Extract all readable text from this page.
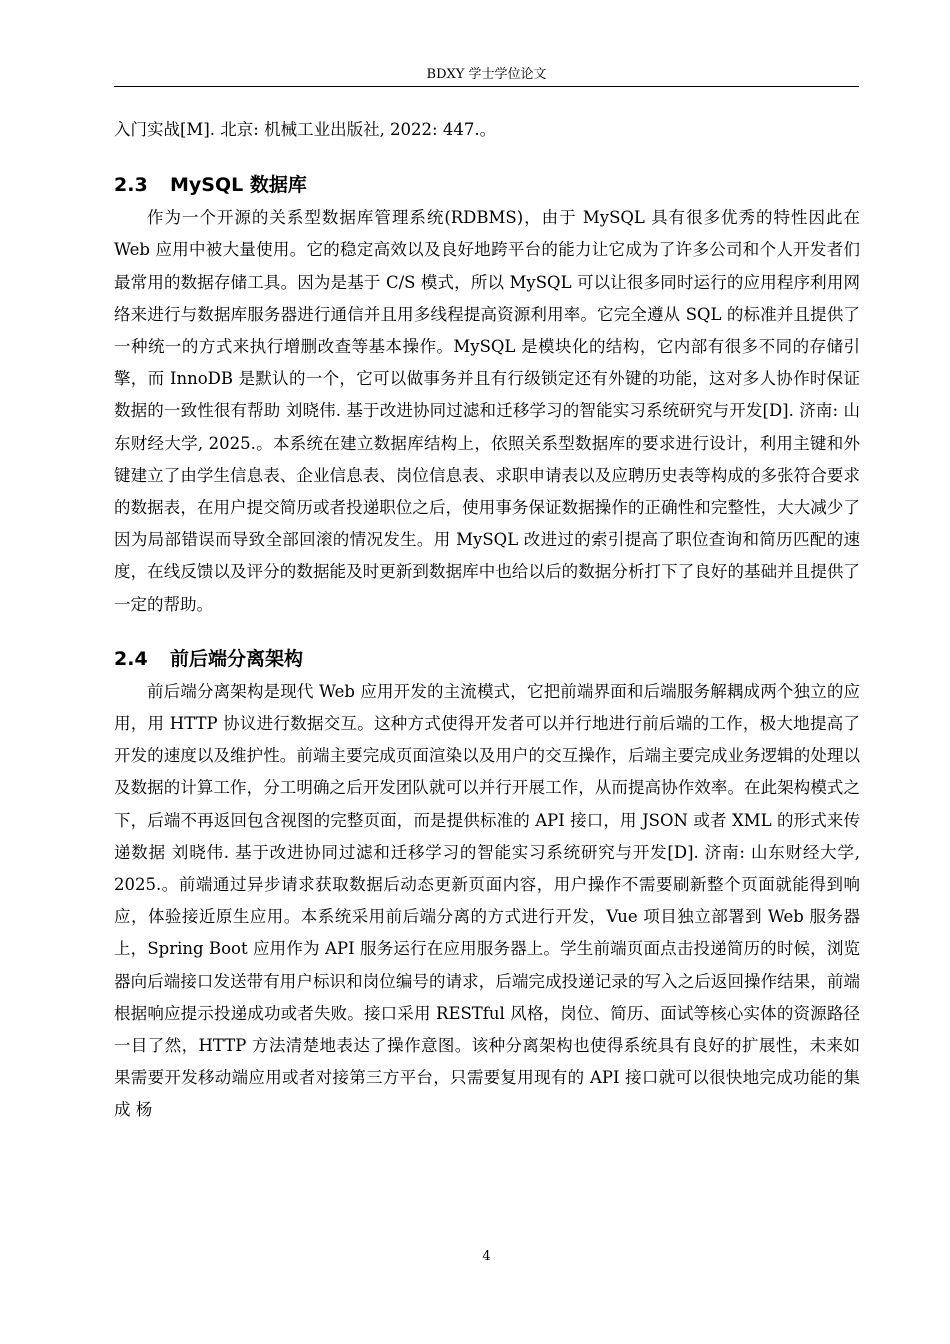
BDXY 学士学位论文

入门实战[M]. 北京: 机械工业出版社, 2022: 447.。

2.3 MySQL 数据库

作为一个开源的关系型数据库管理系统(RDBMS)，由于 MySQL 具有很多优秀的特性因此在 Web 应用中被大量使用。它的稳定高效以及良好地跨平台的能力让它成为了许多公司和个人开发者们最常用的数据存储工具。因为是基于 C/S 模式，所以 MySQL 可以让很多同时运行的应用程序利用网络来进行与数据库服务器进行通信并且用多线程提高资源利用率。它完全遵从 SQL 的标准并且提供了一种统一的方式来执行增删改查等基本操作。MySQL 是模块化的结构，它内部有很多不同的存储引擎，而 InnoDB 是默认的一个，它可以做事务并且有行级锁定还有外键的功能，这对多人协作时保证数据的一致性很有帮助 刘晓伟. 基于改进协同过滤和迁移学习的智能实习系统研究与开发[D]. 济南: 山东财经大学, 2025.。本系统在建立数据库结构上，依照关系型数据库的要求进行设计，利用主键和外键建立了由学生信息表、企业信息表、岗位信息表、求职申请表以及应聘历史表等构成的多张符合要求的数据表，在用户提交简历或者投递职位之后，使用事务保证数据操作的正确性和完整性，大大减少了因为局部错误而导致全部回滚的情况发生。用 MySQL 改进过的索引提高了职位查询和简历匹配的速度，在线反馈以及评分的数据能及时更新到数据库中也给以后的数据分析打下了良好的基础并且提供了一定的帮助。

2.4 前后端分离架构

前后端分离架构是现代 Web 应用开发的主流模式，它把前端界面和后端服务解耦成两个独立的应用，用 HTTP 协议进行数据交互。这种方式使得开发者可以并行地进行前后端的工作，极大地提高了开发的速度以及维护性。前端主要完成页面渲染以及用户的交互操作，后端主要完成业务逻辑的处理以及数据的计算工作，分工明确之后开发团队就可以并行开展工作，从而提高协作效率。在此架构模式之下，后端不再返回包含视图的完整页面，而是提供标准的 API 接口，用 JSON 或者 XML 的形式来传递数据 刘晓伟. 基于改进协同过滤和迁移学习的智能实习系统研究与开发[D]. 济南: 山东财经大学, 2025.。前端通过异步请求获取数据后动态更新页面内容，用户操作不需要刷新整个页面就能得到响应，体验接近原生应用。本系统采用前后端分离的方式进行开发，Vue 项目独立部署到 Web 服务器上，Spring Boot 应用作为 API 服务运行在应用服务器上。学生前端页面点击投递简历的时候，浏览器向后端接口发送带有用户标识和岗位编号的请求，后端完成投递记录的写入之后返回操作结果，前端根据响应提示投递成功或者失败。接口采用 RESTful 风格，岗位、简历、面试等核心实体的资源路径一目了然，HTTP 方法清楚地表达了操作意图。该种分离架构也使得系统具有良好的扩展性，未来如果需要开发移动端应用或者对接第三方平台，只需要复用现有的 API 接口就可以很快地完成功能的集成 杨

4
